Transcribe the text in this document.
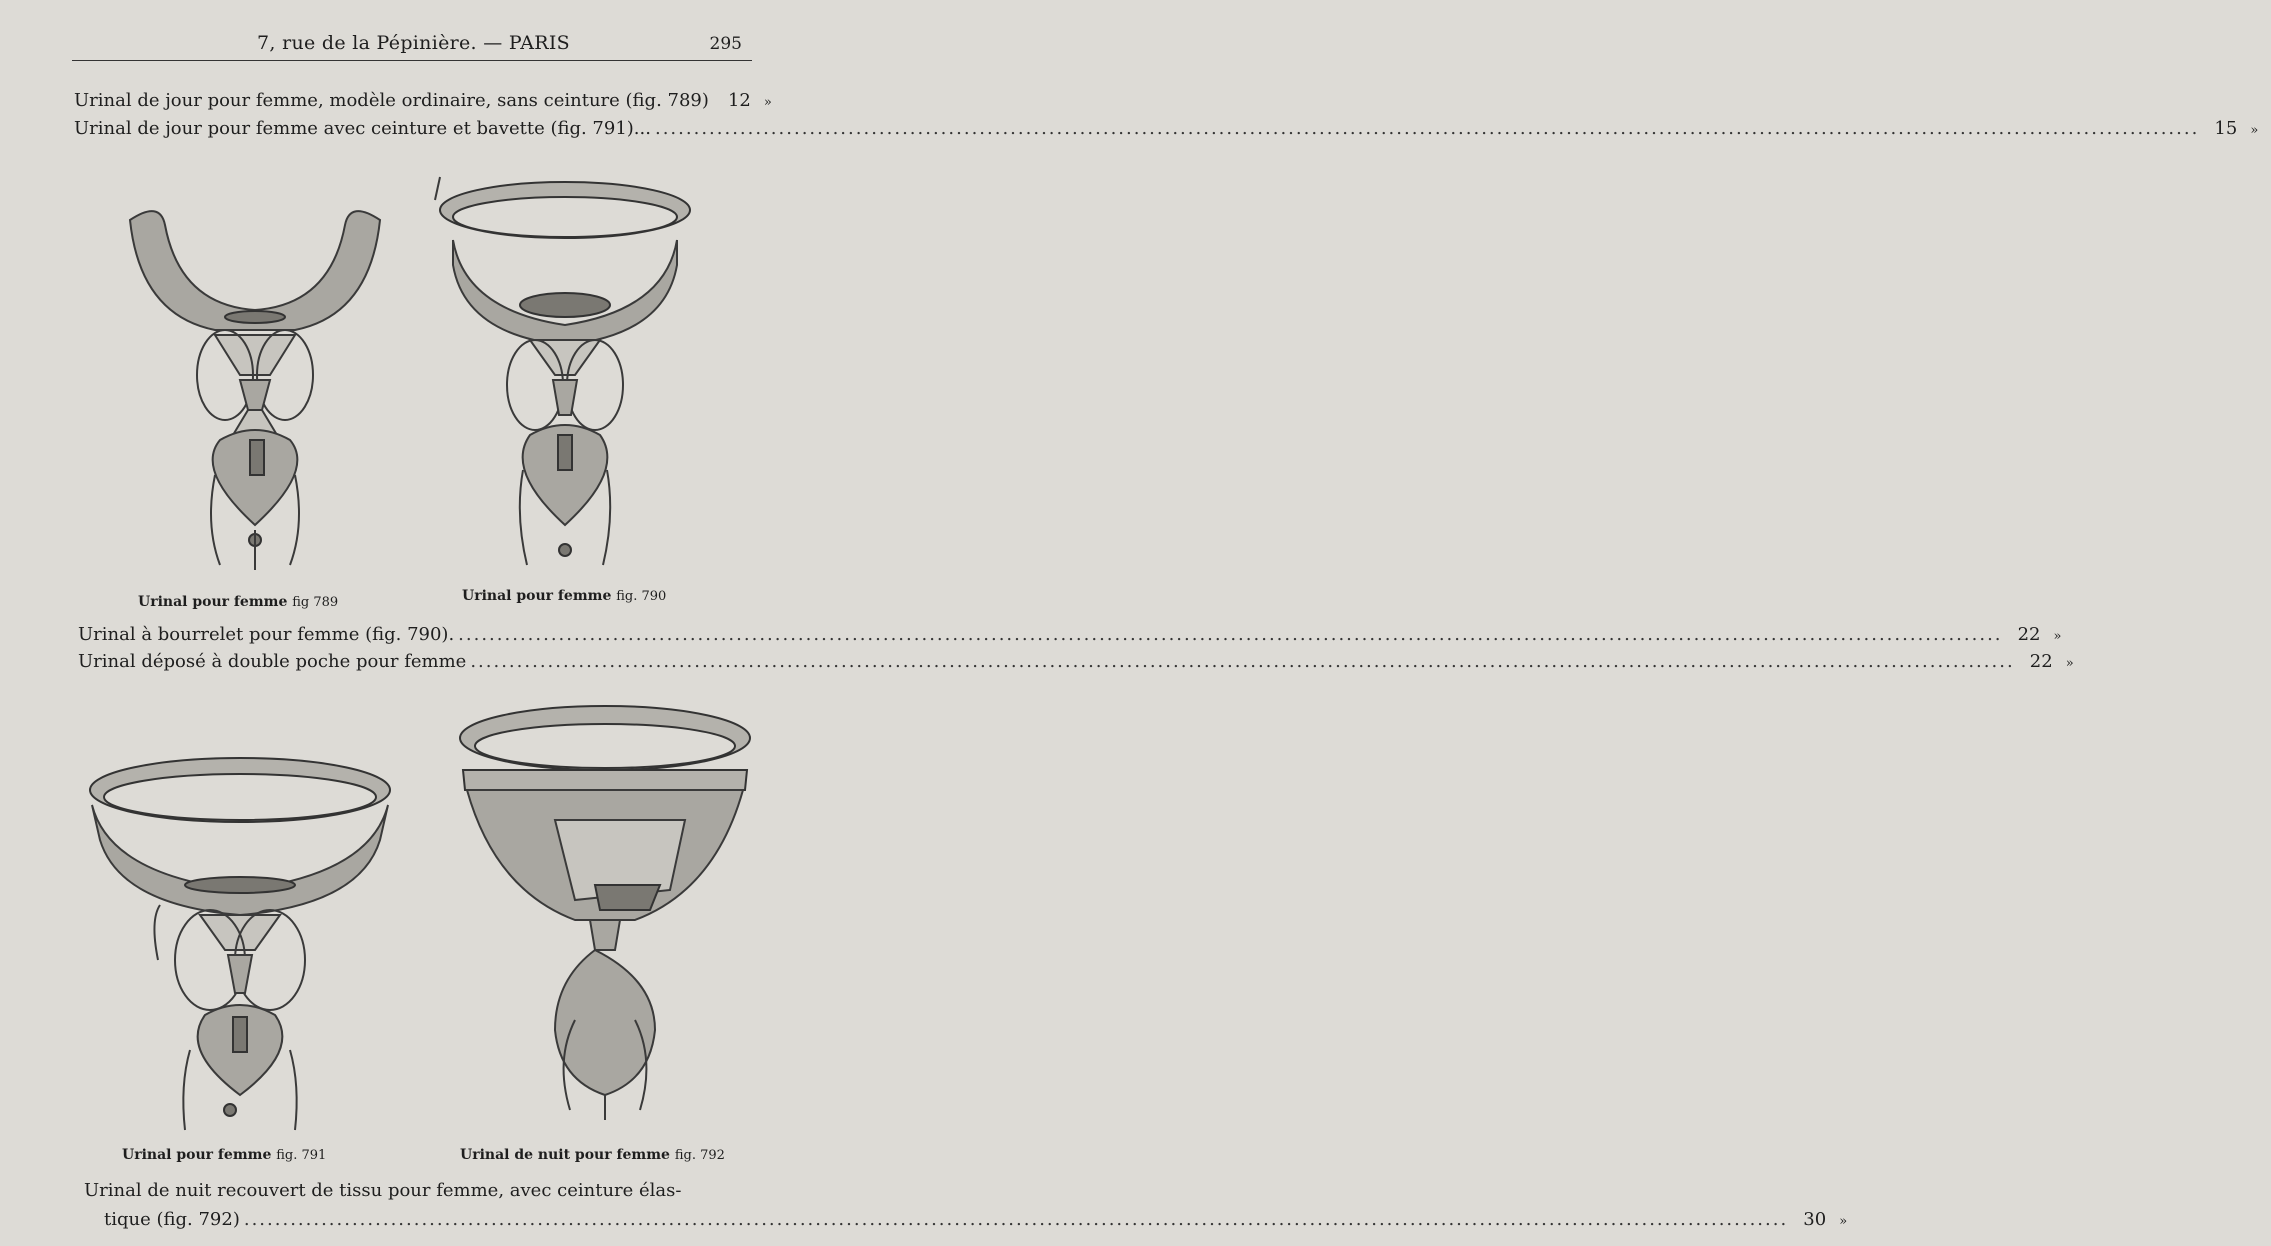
7, rue de la Pépinière. — PARIS	295
Urinal de jour pour femme, modèle ordinaire, sans ceinture (fig. 789)	12	»
Urinal de jour pour femme avec ceinture et bavette (fig. 791)... ........................................................................................................................................................................................................ 15	»
Urinal pour femme fig 789	Urinal pour femme fig. 790
Urinal à bourrelet pour femme (fig. 790). ........................................................................................................................................................................................................ 22	»
Urinal déposé à double poche pour femme ........................................................................................................................................................................................................ 22	»
Urinal pour femme fig. 791	Urinal de nuit pour femme fig. 792
Urinal de nuit recouvert de tissu pour femme, avec ceinture élas-
tique (fig. 792) ........................................................................................................................................................................................................ 30	»
